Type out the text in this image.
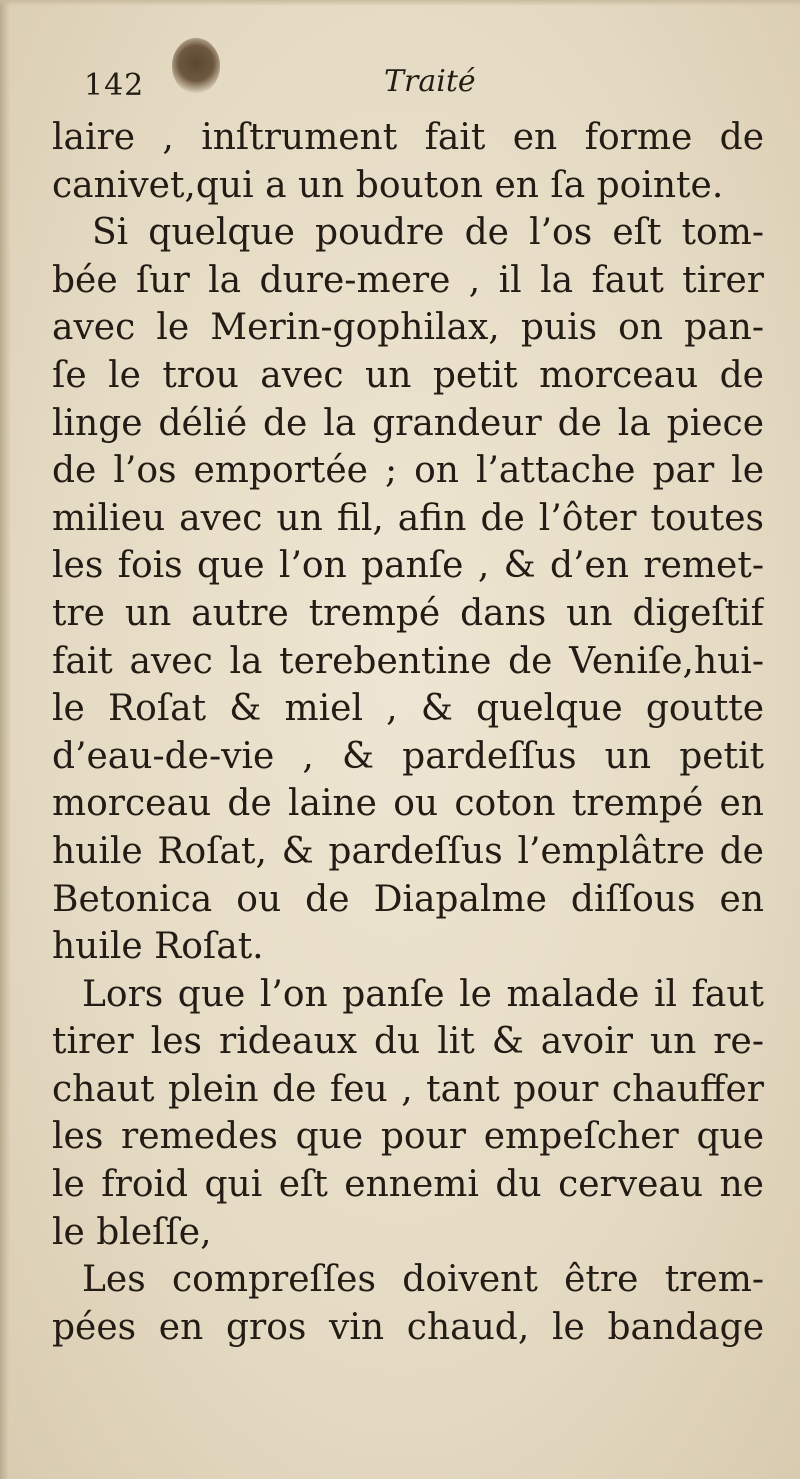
142	Traité
laire , inſtrument fait en forme de
canivet,qui a un bouton en ſa pointe.
Si quelque poudre de l’os eſt tom-
bée ſur la dure-mere , il la faut tirer
avec le Merin-gophilax, puis on pan-
ſe le trou avec un petit morceau de
linge délié de la grandeur de la piece
de l’os emportée ; on l’attache par le
milieu avec un fil, afin de l’ôter toutes
les fois que l’on panſe , & d’en remet-
tre un autre trempé dans un digeſtif
fait avec la terebentine de Veniſe,hui-
le Roſat & miel , & quelque goutte
d’eau-de-vie , & pardeſſus un petit
morceau de laine ou coton trempé en
huile Roſat, & pardeſſus l’emplâtre de
Betonica ou de Diapalme diſſous en
huile Roſat.
Lors que l’on panſe le malade il faut
tirer les rideaux du lit & avoir un re-
chaut plein de feu , tant pour chauffer
les remedes que pour empeſcher que
le froid qui eſt ennemi du cerveau ne
le bleſſe,
Les compreſſes doivent être trem-
pées en gros vin chaud, le bandage
